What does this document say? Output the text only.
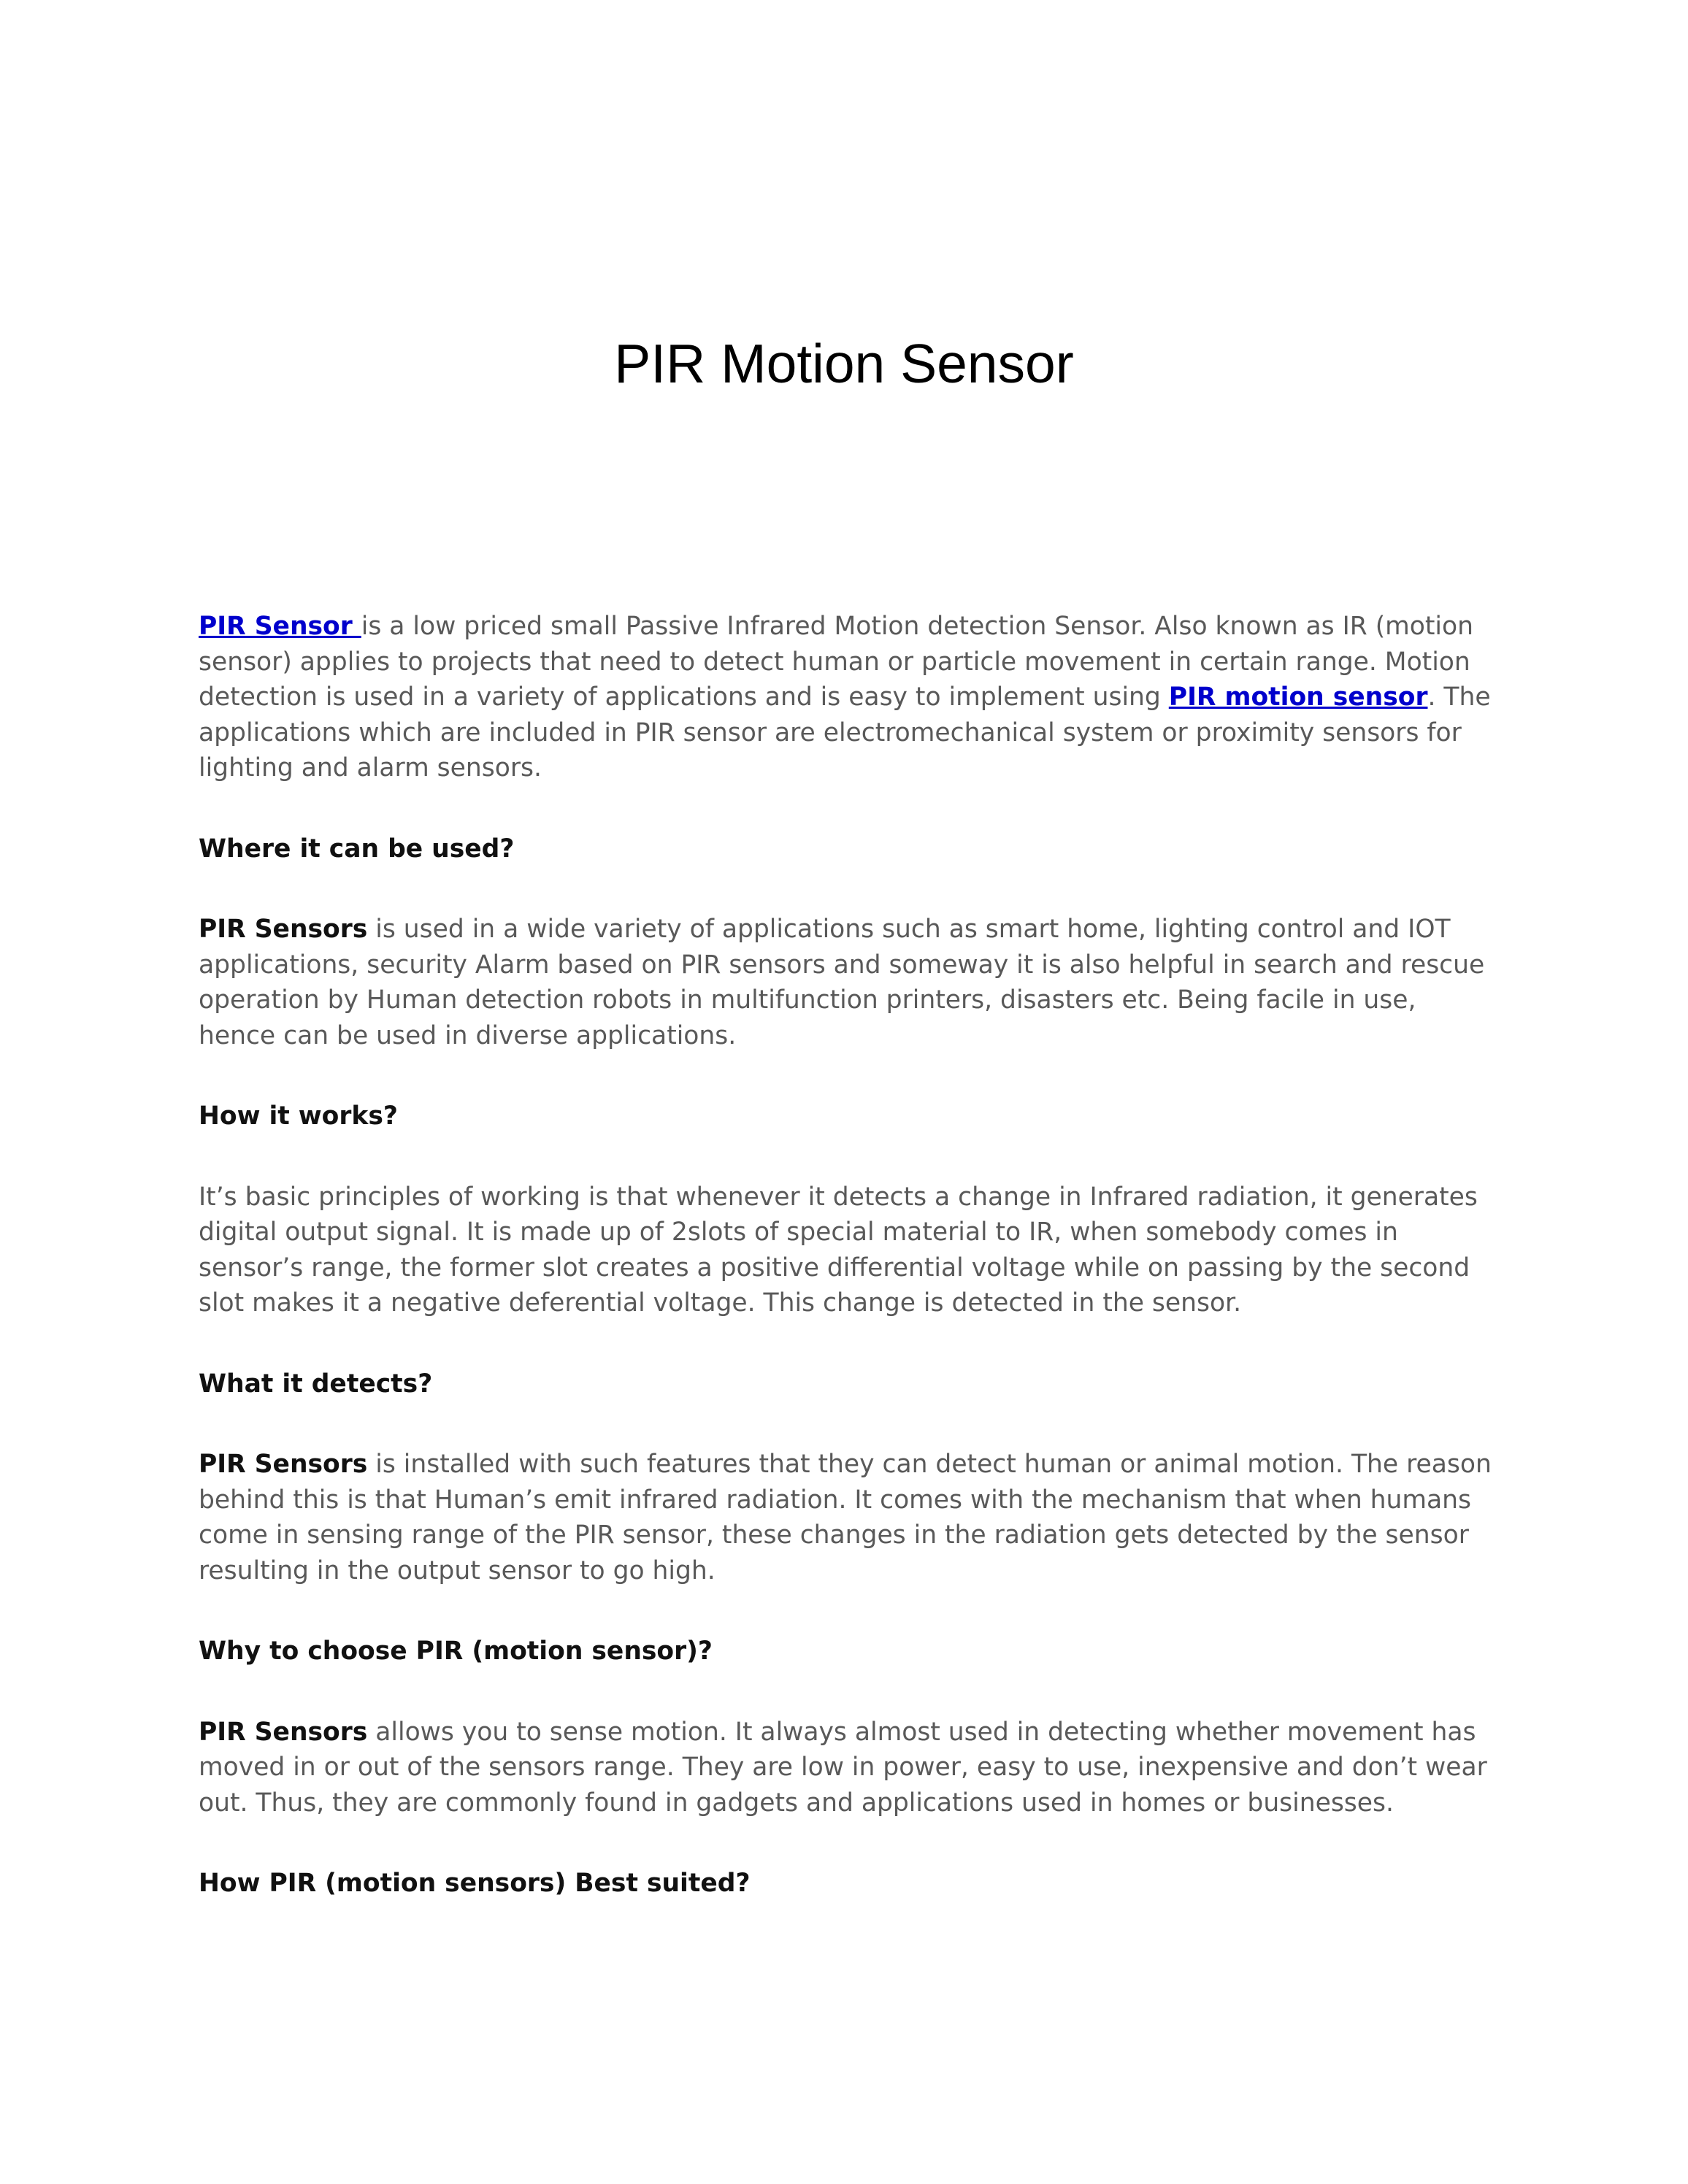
PIR Motion Sensor

PIR Sensor is a low priced small Passive Infrared Motion detection Sensor. Also known as IR (motion sensor) applies to projects that need to detect human or particle movement in certain range. Motion detection is used in a variety of applications and is easy to implement using PIR motion sensor. The applications which are included in PIR sensor are electromechanical system or proximity sensors for lighting and alarm sensors.

Where it can be used?

PIR Sensors is used in a wide variety of applications such as smart home, lighting control and IOT applications, security Alarm based on PIR sensors and someway it is also helpful in search and rescue operation by Human detection robots in multifunction printers, disasters etc. Being facile in use, hence can be used in diverse applications.

How it works?

It’s basic principles of working is that whenever it detects a change in Infrared radiation, it generates digital output signal. It is made up of 2slots of special material to IR, when somebody comes in sensor’s range, the former slot creates a positive differential voltage while on passing by the second slot makes it a negative deferential voltage. This change is detected in the sensor.

What it detects?

PIR Sensors is installed with such features that they can detect human or animal motion. The reason behind this is that Human’s emit infrared radiation. It comes with the mechanism that when humans come in sensing range of the PIR sensor, these changes in the radiation gets detected by the sensor resulting in the output sensor to go high.

Why to choose PIR (motion sensor)?

PIR Sensors allows you to sense motion. It always almost used in detecting whether movement has moved in or out of the sensors range. They are low in power, easy to use, inexpensive and don’t wear out. Thus, they are commonly found in gadgets and applications used in homes or businesses.

How PIR (motion sensors) Best suited?
